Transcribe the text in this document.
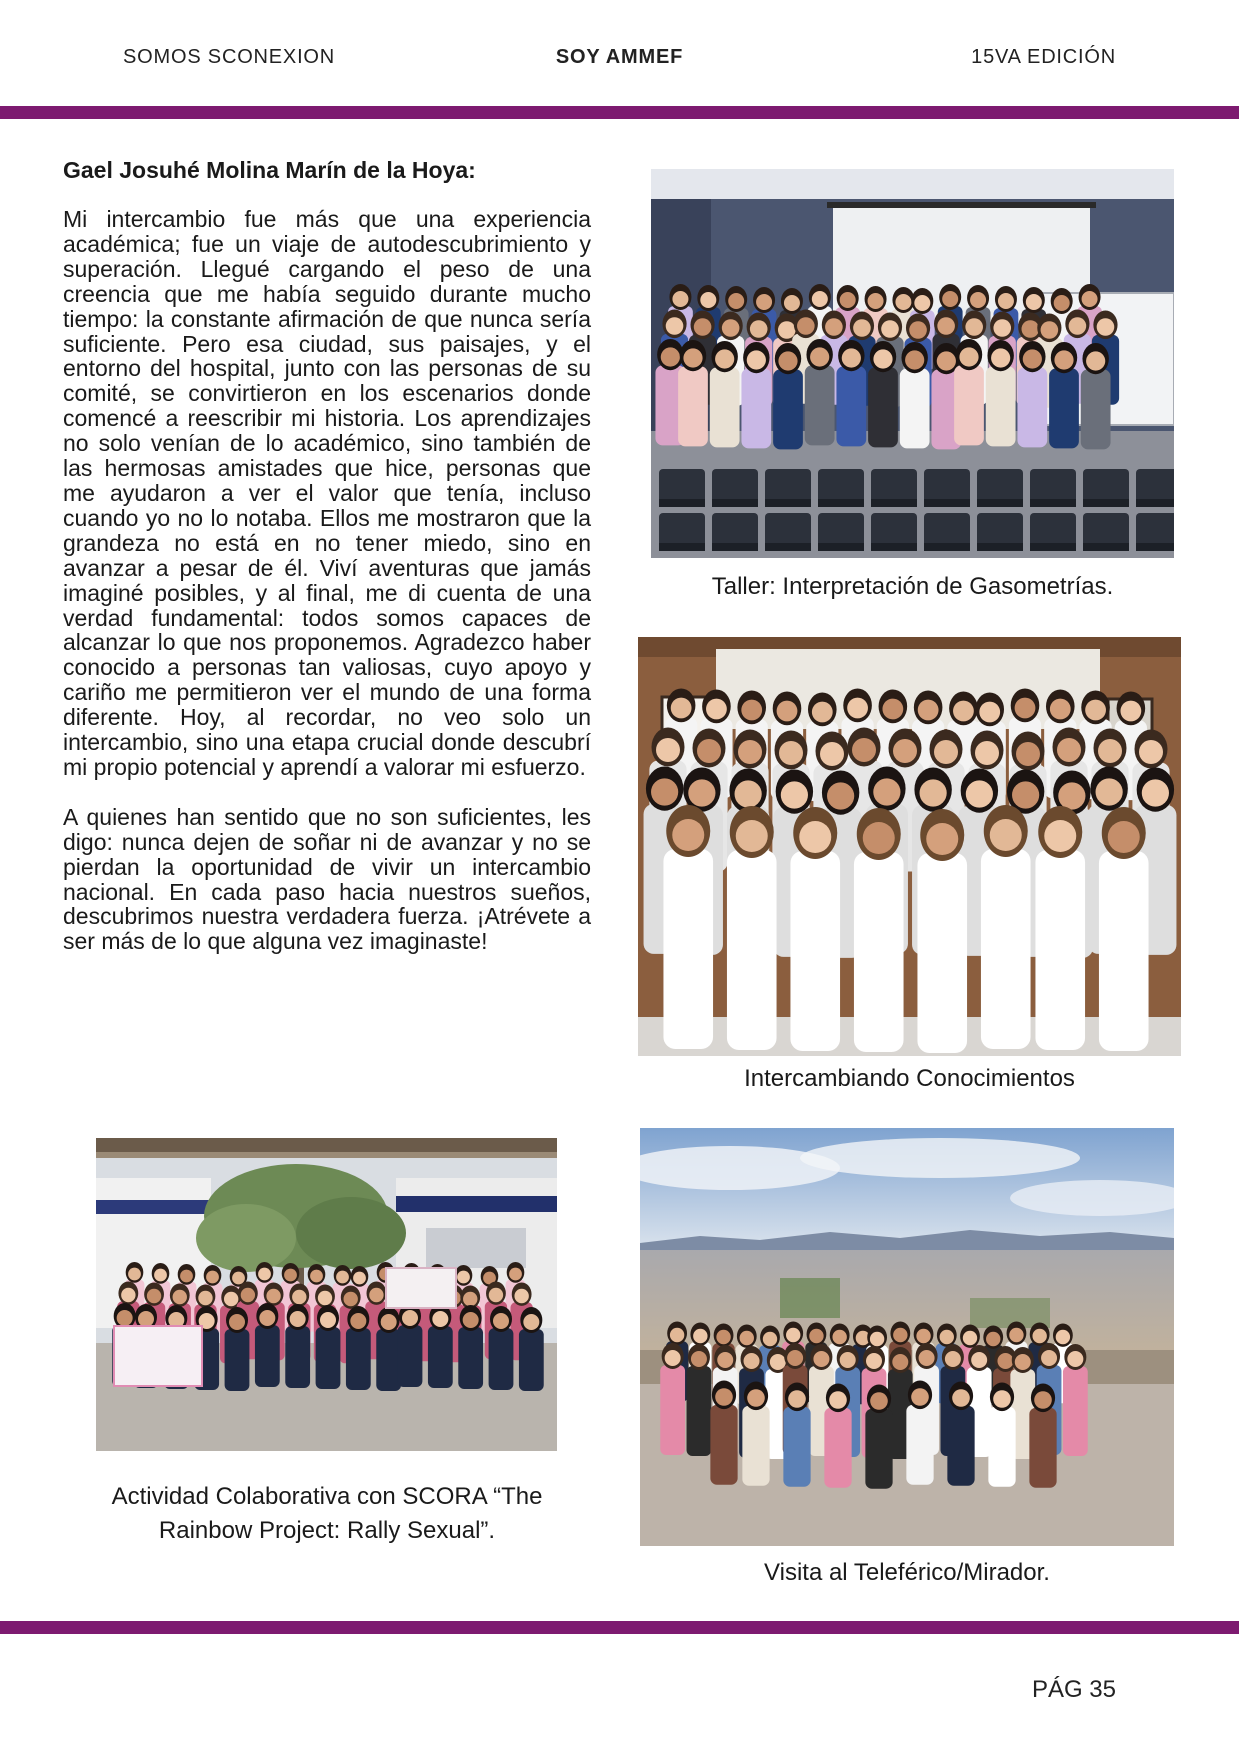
SOMOS SCONEXION	SOY AMMEF	15VA EDICIÓN
Gael Josuhé Molina Marín de la Hoya:

Mi intercambio fue más que una experiencia académica; fue un viaje de autodescubrimiento y superación. Llegué cargando el peso de una creencia que me había seguido durante mucho tiempo: la constante afirmación de que nunca sería suficiente. Pero esa ciudad, sus paisajes, y el entorno del hospital, junto con las personas de su comité, se convirtieron en los escenarios donde comencé a reescribir mi historia. Los aprendizajes no solo venían de lo académico, sino también de las hermosas amistades que hice, personas que me ayudaron a ver el valor que tenía, incluso cuando yo no lo notaba. Ellos me mostraron que la grandeza no está en no tener miedo, sino en avanzar a pesar de él. Viví aventuras que jamás imaginé posibles, y al final, me di cuenta de una verdad fundamental: todos somos capaces de alcanzar lo que nos proponemos. Agradezco haber conocido a personas tan valiosas, cuyo apoyo y cariño me permitieron ver el mundo de una forma diferente. Hoy, al recordar, no veo solo un intercambio, sino una etapa crucial donde descubrí mi propio potencial y aprendí a valorar mi esfuerzo.

A quienes han sentido que no son suficientes, les digo: nunca dejen de soñar ni de avanzar y no se pierdan la oportunidad de vivir un intercambio nacional. En cada paso hacia nuestros sueños, descubrimos nuestra verdadera fuerza. ¡Atrévete a ser más de lo que alguna vez imaginaste!

Taller: Interpretación de Gasometrías.
Intercambiando Conocimientos
Actividad Colaborativa con SCORA “The Rainbow Project: Rally Sexual”.
Visita al Teleférico/Mirador.
PÁG 35
